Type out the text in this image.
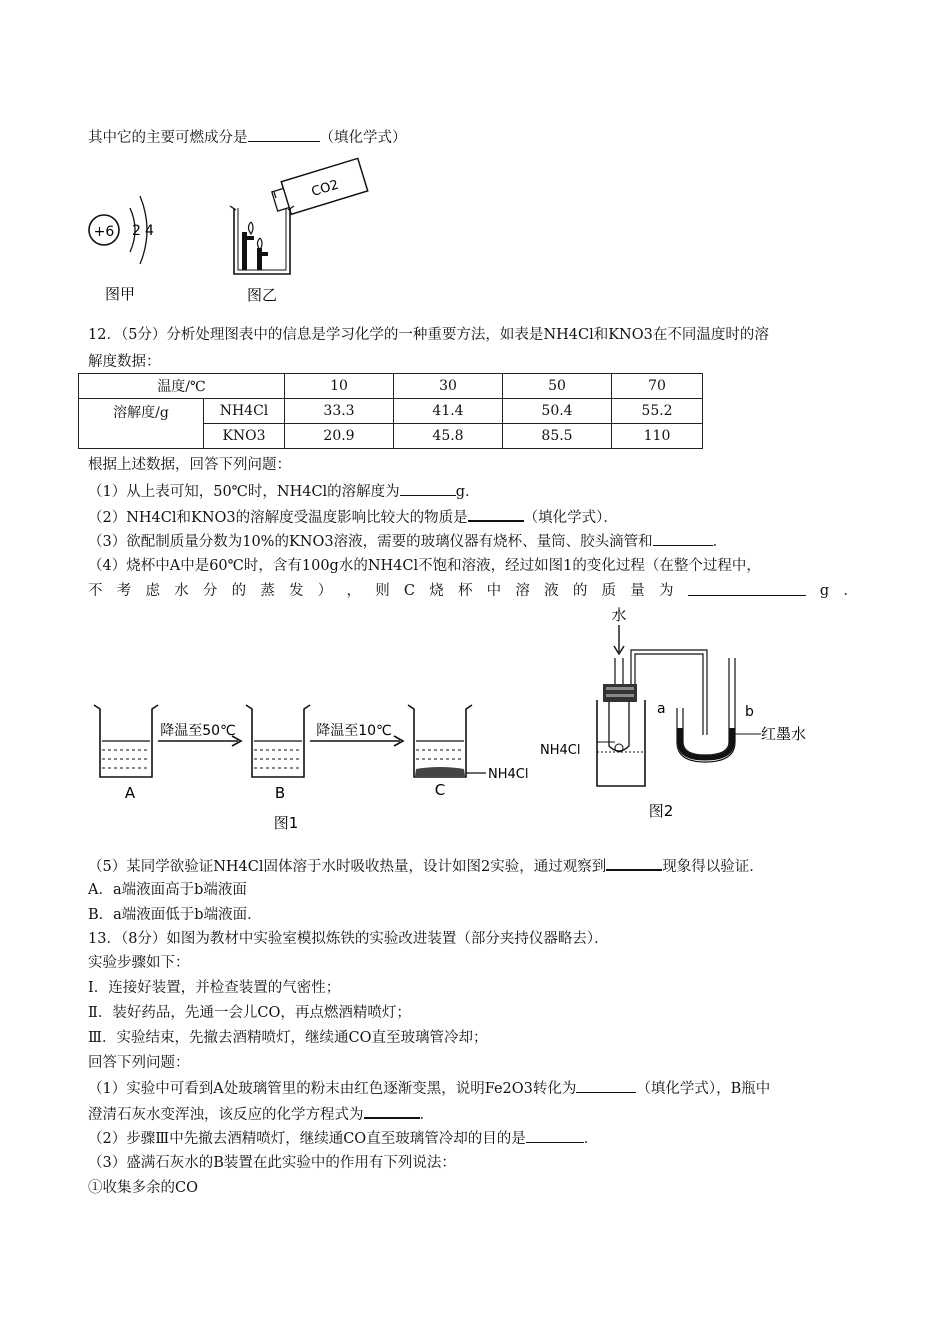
其中它的主要可燃成分是	（填化学式）
+6 2 4
图甲
CO2
图乙
12．（5分）分析处理图表中的信息是学习化学的一种重要方法，如表是NH4Cl和KNO3在不同温度时的溶
解度数据：
温度/℃		10	30	50	70
溶解度/g	NH4Cl	33.3	41.4	50.4	55.2
	KNO3	20.9	45.8	85.5	110
根据上述数据，回答下列问题：
（1）从上表可知，50℃时，NH4Cl的溶解度为	g．
（2）NH4Cl和KNO3的溶解度受温度影响比较大的物质是	（填化学式）．
（3）欲配制质量分数为10%的KNO3溶液，需要的玻璃仪器有烧杯、量筒、胶头滴管和	．
（4）烧杯中A中是60℃时，含有100g水的NH4Cl不饱和溶液，经过如图1的变化过程（在整个过程中，
不 考 虑 水 分 的 蒸 发 ） ， 则 C 烧 杯 中 溶 液 的 质 量 为	g ．
降温至50℃	降温至10℃
NH4Cl
A	B	C
图1
水
NH4Cl
a	b
红墨水
图2
（5）某同学欲验证NH4Cl固体溶于水时吸收热量，设计如图2实验，通过观察到	现象得以验证．
A．a端液面高于b端液面
B．a端液面低于b端液面．
13．（8分）如图为教材中实验室模拟炼铁的实验改进装置（部分夹持仪器略去）．
实验步骤如下：
Ⅰ．连接好装置，并检查装置的气密性；
Ⅱ．装好药品，先通一会儿CO，再点燃酒精喷灯；
Ⅲ．实验结束，先撤去酒精喷灯，继续通CO直至玻璃管冷却；
回答下列问题：
（1）实验中可看到A处玻璃管里的粉末由红色逐渐变黑，说明Fe2O3转化为	（填化学式），B瓶中
澄清石灰水变浑浊，该反应的化学方程式为	．
（2）步骤Ⅲ中先撤去酒精喷灯，继续通CO直至玻璃管冷却的目的是	．
（3）盛满石灰水的B装置在此实验中的作用有下列说法：
①收集多余的CO
